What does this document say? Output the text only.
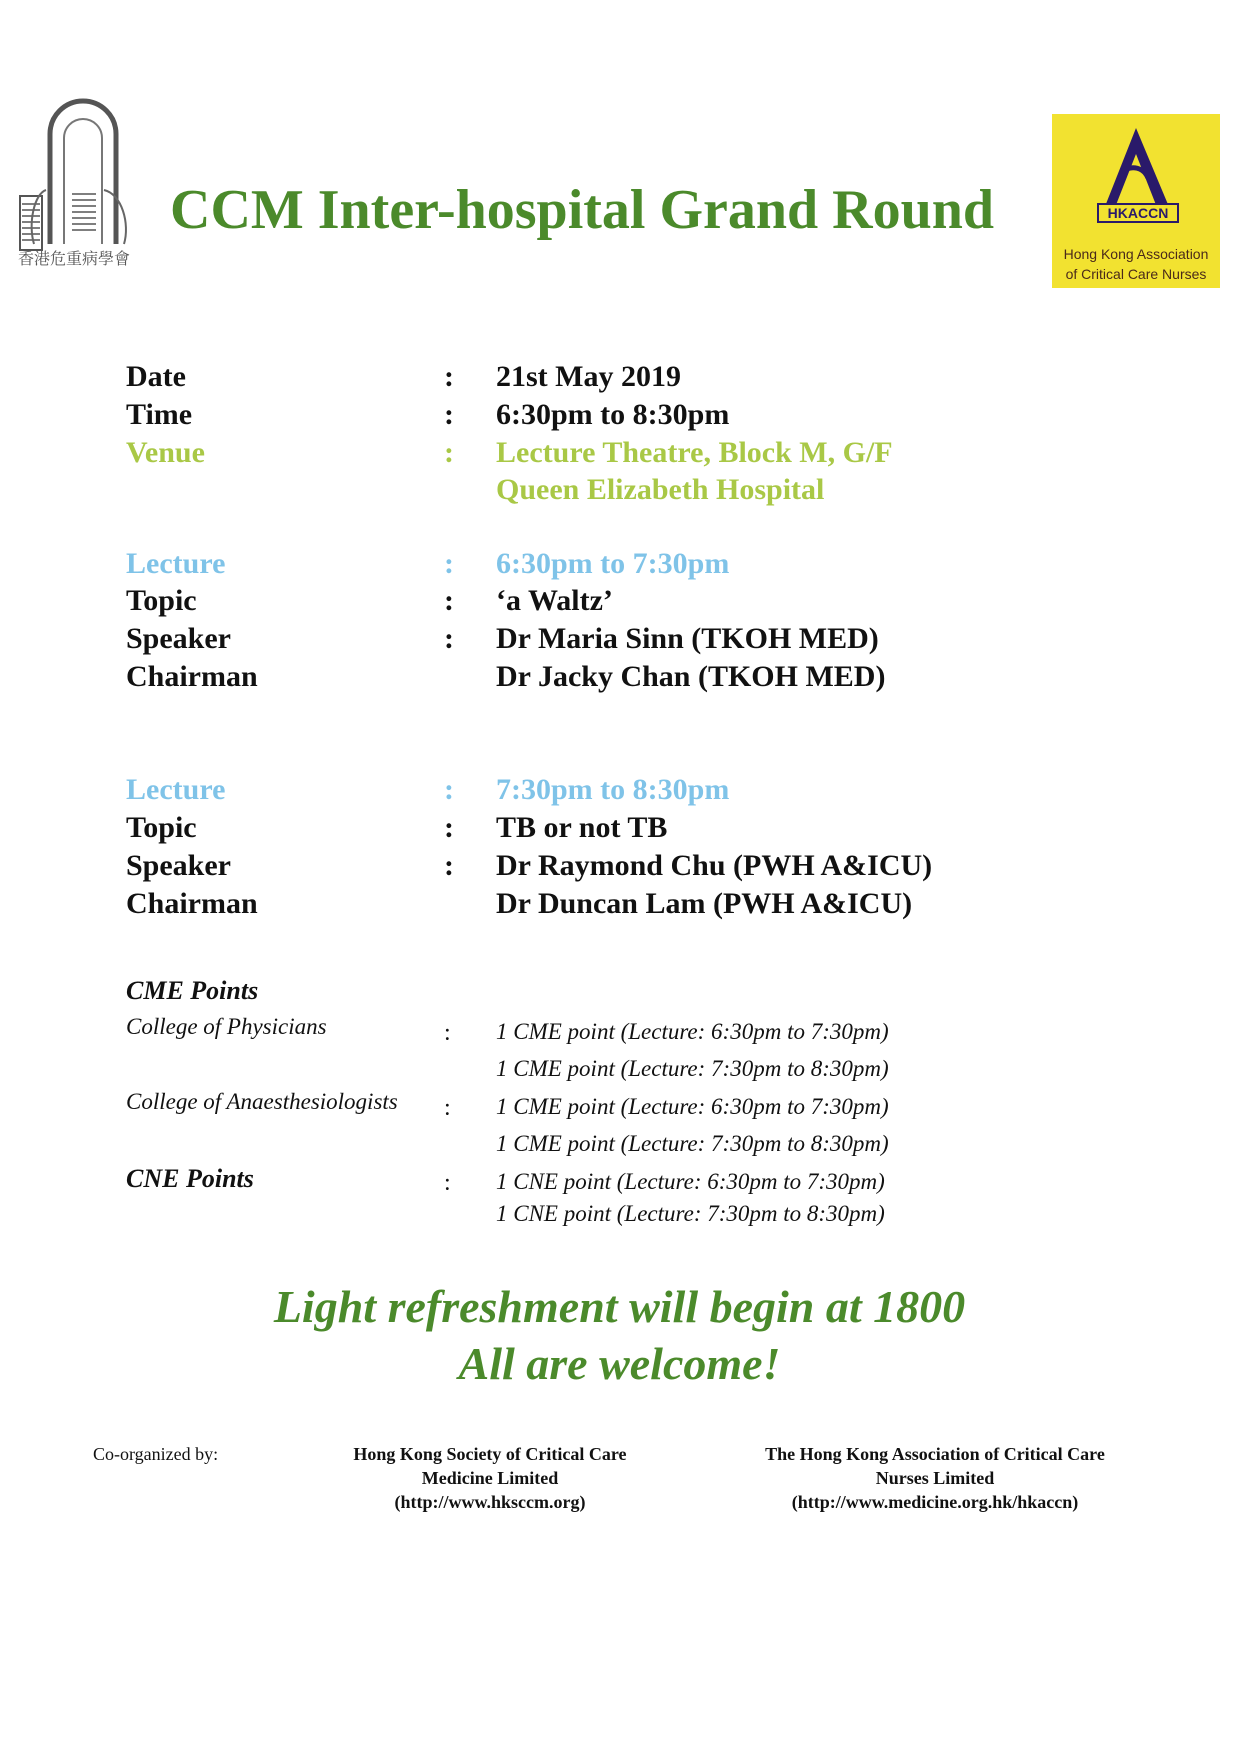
香港危重病學會
CCM Inter-hospital Grand Round	HKACCN
Hong Kong Association
of Critical Care Nurses
Date	: 21st May 2019
Time	: 6:30pm to 8:30pm
Venue	: Lecture Theatre, Block M, G/F
Queen Elizabeth Hospital
Lecture	: 6:30pm to 7:30pm
Topic	: ‘a Waltz’
Speaker	: Dr Maria Sinn (TKOH MED)
Chairman	Dr Jacky Chan (TKOH MED)
Lecture	: 7:30pm to 8:30pm
Topic	: TB or not TB
Speaker	: Dr Raymond Chu (PWH A&ICU)
Chairman	Dr Duncan Lam (PWH A&ICU)
CME Points
College of Physicians	: 1 CME point (Lecture: 6:30pm to 7:30pm)
1 CME point (Lecture: 7:30pm to 8:30pm)
College of Anaesthesiologists : 1 CME point (Lecture: 6:30pm to 7:30pm)
1 CME point (Lecture: 7:30pm to 8:30pm)
CNE Points	: 1 CNE point (Lecture: 6:30pm to 7:30pm)
1 CNE point (Lecture: 7:30pm to 8:30pm)
Light refreshment will begin at 1800
All are welcome!
Co-organized by:	Hong Kong Society of Critical Care
Medicine Limited
(http://www.hksccm.org)
The Hong Kong Association of Critical Care
Nurses Limited
(http://www.medicine.org.hk/hkaccn)
